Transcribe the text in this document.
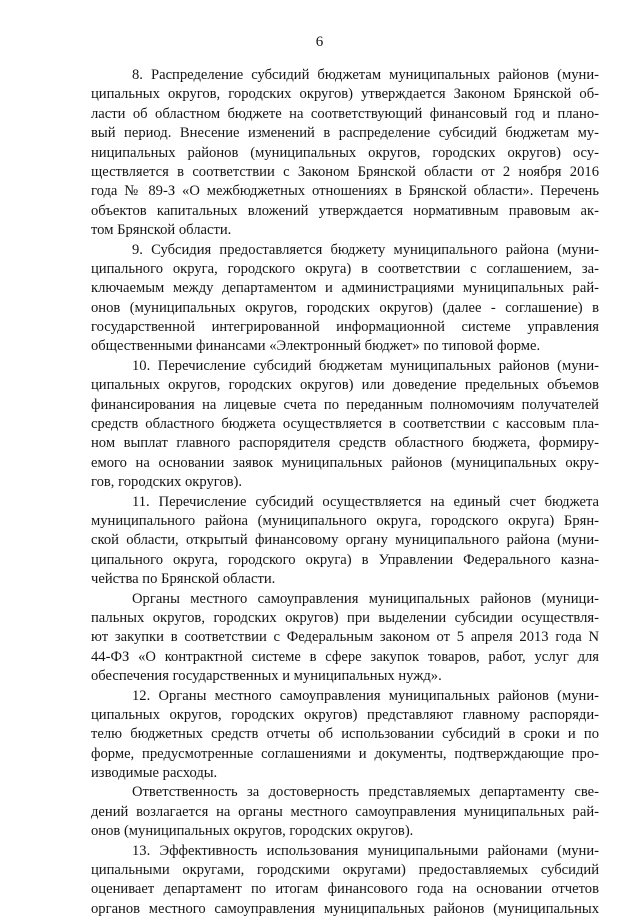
6
8. Распределение субсидий бюджетам муниципальных районов (муни-
ципальных округов, городских округов) утверждается Законом Брянской об-
ласти об областном бюджете на соответствующий финансовый год и плано-
вый период. Внесение изменений в распределение субсидий бюджетам му-
ниципальных районов (муниципальных округов, городских округов) осу-
ществляется в соответствии с Законом Брянской области от 2 ноября 2016
года № 89-З «О межбюджетных отношениях в Брянской области». Перечень
объектов капитальных вложений утверждается нормативным правовым ак-
том Брянской области.
9. Субсидия предоставляется бюджету муниципального района (муни-
ципального округа, городского округа) в соответствии с соглашением, за-
ключаемым между департаментом и администрациями муниципальных рай-
онов (муниципальных округов, городских округов) (далее - соглашение) в
государственной интегрированной информационной системе управления
общественными финансами «Электронный бюджет» по типовой форме.
10. Перечисление субсидий бюджетам муниципальных районов (муни-
ципальных округов, городских округов) или доведение предельных объемов
финансирования на лицевые счета по переданным полномочиям получателей
средств областного бюджета осуществляется в соответствии с кассовым пла-
ном выплат главного распорядителя средств областного бюджета, формиру-
емого на основании заявок муниципальных районов (муниципальных окру-
гов, городских округов).
11. Перечисление субсидий осуществляется на единый счет бюджета
муниципального района (муниципального округа, городского округа) Брян-
ской области, открытый финансовому органу муниципального района (муни-
ципального округа, городского округа) в Управлении Федерального казна-
чейства по Брянской области.
Органы местного самоуправления муниципальных районов (муници-
пальных округов, городских округов) при выделении субсидии осуществля-
ют закупки в соответствии с Федеральным законом от 5 апреля 2013 года N
44-ФЗ «О контрактной системе в сфере закупок товаров, работ, услуг для
обеспечения государственных и муниципальных нужд».
12. Органы местного самоуправления муниципальных районов (муни-
ципальных округов, городских округов) представляют главному распоряди-
телю бюджетных средств отчеты об использовании субсидий в сроки и по
форме, предусмотренные соглашениями и документы, подтверждающие про-
изводимые расходы.
Ответственность за достоверность представляемых департаменту све-
дений возлагается на органы местного самоуправления муниципальных рай-
онов (муниципальных округов, городских округов).
13. Эффективность использования муниципальными районами (муни-
ципальными округами, городскими округами) предоставляемых субсидий
оценивает департамент по итогам финансового года на основании отчетов
органов местного самоуправления муниципальных районов (муниципальных
